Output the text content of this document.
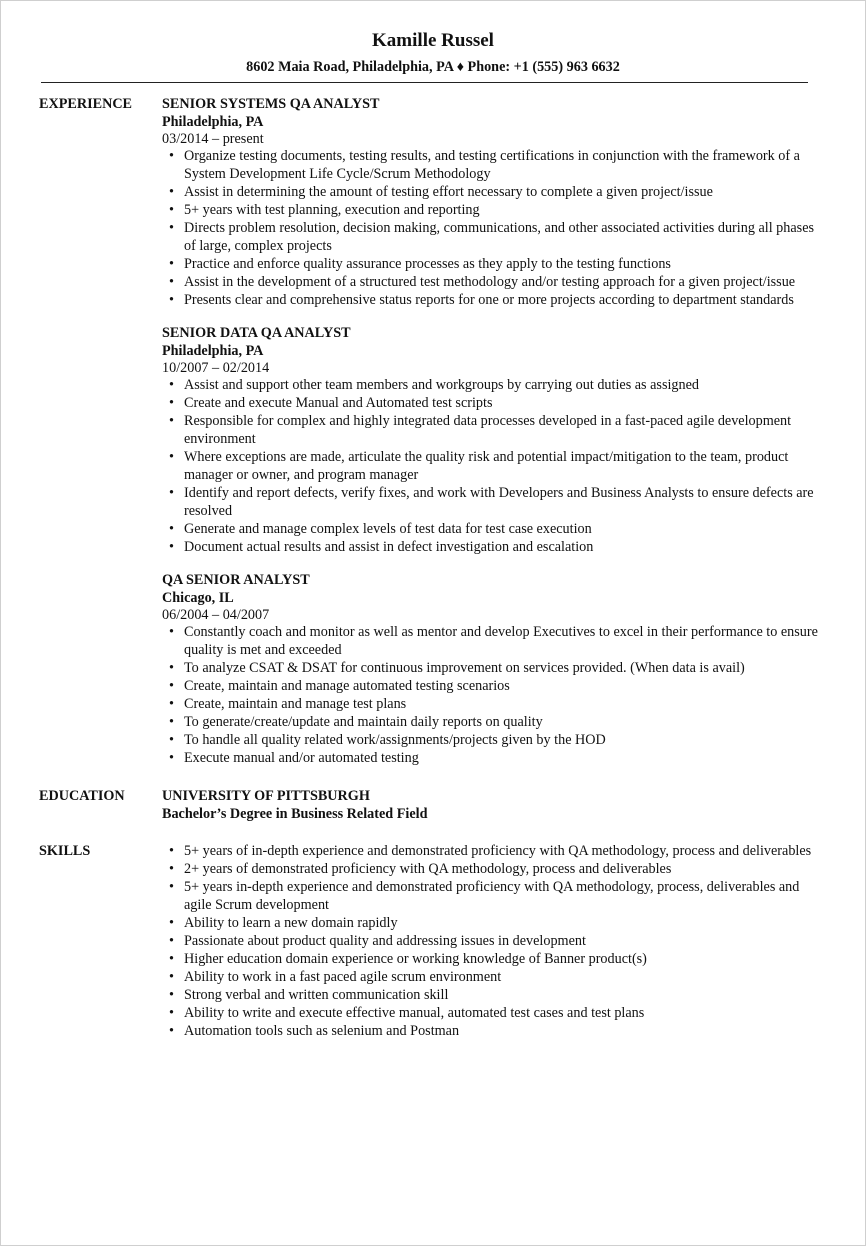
Kamille Russel
8602 Maia Road, Philadelphia, PA ♦ Phone: +1 (555) 963 6632
EXPERIENCE SENIOR SYSTEMS QA ANALYST
Philadelphia, PA
03/2014 – present
• Organize testing documents, testing results, and testing certifications in conjunction with the framework of a System Development Life Cycle/Scrum Methodology
• Assist in determining the amount of testing effort necessary to complete a given project/issue
• 5+ years with test planning, execution and reporting
• Directs problem resolution, decision making, communications, and other associated activities during all phases of large, complex projects
• Practice and enforce quality assurance processes as they apply to the testing functions
• Assist in the development of a structured test methodology and/or testing approach for a given project/issue
• Presents clear and comprehensive status reports for one or more projects according to department standards
SENIOR DATA QA ANALYST
Philadelphia, PA
10/2007 – 02/2014
• Assist and support other team members and workgroups by carrying out duties as assigned
• Create and execute Manual and Automated test scripts
• Responsible for complex and highly integrated data processes developed in a fast-paced agile development environment
• Where exceptions are made, articulate the quality risk and potential impact/mitigation to the team, product manager or owner, and program manager
• Identify and report defects, verify fixes, and work with Developers and Business Analysts to ensure defects are resolved
• Generate and manage complex levels of test data for test case execution
• Document actual results and assist in defect investigation and escalation
QA SENIOR ANALYST
Chicago, IL
06/2004 – 04/2007
• Constantly coach and monitor as well as mentor and develop Executives to excel in their performance to ensure quality is met and exceeded
• To analyze CSAT & DSAT for continuous improvement on services provided. (When data is avail)
• Create, maintain and manage automated testing scenarios
• Create, maintain and manage test plans
• To generate/create/update and maintain daily reports on quality
• To handle all quality related work/assignments/projects given by the HOD
• Execute manual and/or automated testing
EDUCATION	UNIVERSITY OF PITTSBURGH
Bachelor’s Degree in Business Related Field
SKILLS
•	5+ years of in-depth experience and demonstrated proficiency with QA methodology, process and deliverables
• 2+ years of demonstrated proficiency with QA methodology, process and deliverables
• 5+ years in-depth experience and demonstrated proficiency with QA methodology, process, deliverables and agile Scrum development
• Ability to learn a new domain rapidly
• Passionate about product quality and addressing issues in development
• Higher education domain experience or working knowledge of Banner product(s)
• Ability to work in a fast paced agile scrum environment
• Strong verbal and written communication skill
• Ability to write and execute effective manual, automated test cases and test plans
• Automation tools such as selenium and Postman
